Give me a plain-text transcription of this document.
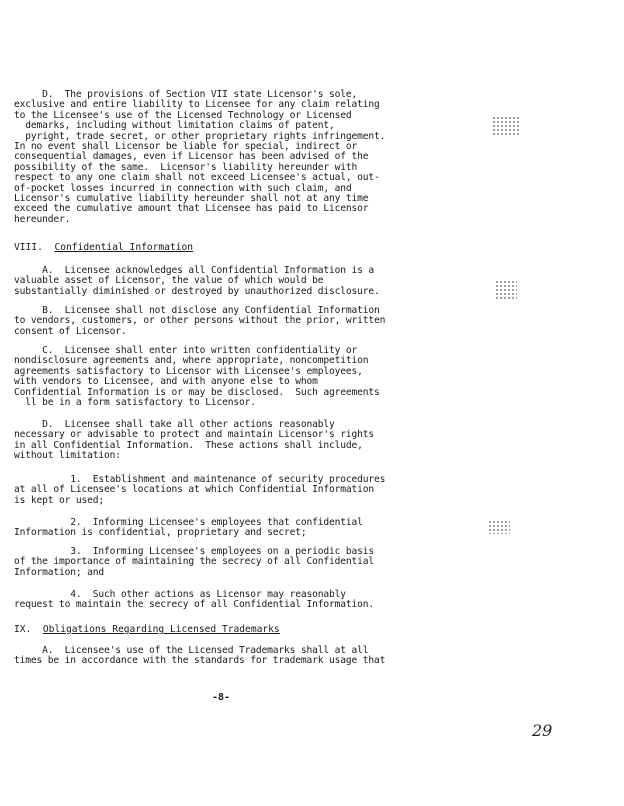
D.  The provisions of Section VII state Licensor's sole,
exclusive and entire liability to Licensee for any claim relating
to the Licensee's use of the Licensed Technology or Licensed
demarks, including without limitation claims of patent,
pyright, trade secret, or other proprietary rights infringement.
In no event shall Licensor be liable for special, indirect or
consequential damages, even if Licensor has been advised of the
possibility of the same.  Licensor's liability hereunder with
respect to any one claim shall not exceed Licensee's actual, out-
of-pocket losses incurred in connection with such claim, and
Licensor's cumulative liability hereunder shall not at any time
exceed the cumulative amount that Licensee has paid to Licensor
hereunder.
VIII. Confidential Information
A.  Licensee acknowledges all Confidential Information is a
valuable asset of Licensor, the value of which would be
substantially diminished or destroyed by unauthorized disclosure.
B.  Licensee shall not disclose any Confidential Information
to vendors, customers, or other persons without the prior, written
consent of Licensor.
C.  Licensee shall enter into written confidentiality or
nondisclosure agreements and, where appropriate, noncompetition
agreements satisfactory to Licensor with Licensee's employees,
with vendors to Licensee, and with anyone else to whom
Confidential Information is or may be disclosed.  Such agreements
ll be in a form satisfactory to Licensor.
D.  Licensee shall take all other actions reasonably
necessary or advisable to protect and maintain Licensor's rights
in all Confidential Information.  These actions shall include,
without limitation:
1.  Establishment and maintenance of security procedures
at all of Licensee's locations at which Confidential Information
is kept or used;
2.  Informing Licensee's employees that confidential
Information is confidential, proprietary and secret;
3.  Informing Licensee's employees on a periodic basis
of the importance of maintaining the secrecy of all Confidential
Information; and
4.  Such other actions as Licensor may reasonably
request to maintain the secrecy of all Confidential Information.
IX. Obligations Regarding Licensed Trademarks
A.  Licensee's use of the Licensed Trademarks shall at all
times be in accordance with the standards for trademark usage that
-8-
29
